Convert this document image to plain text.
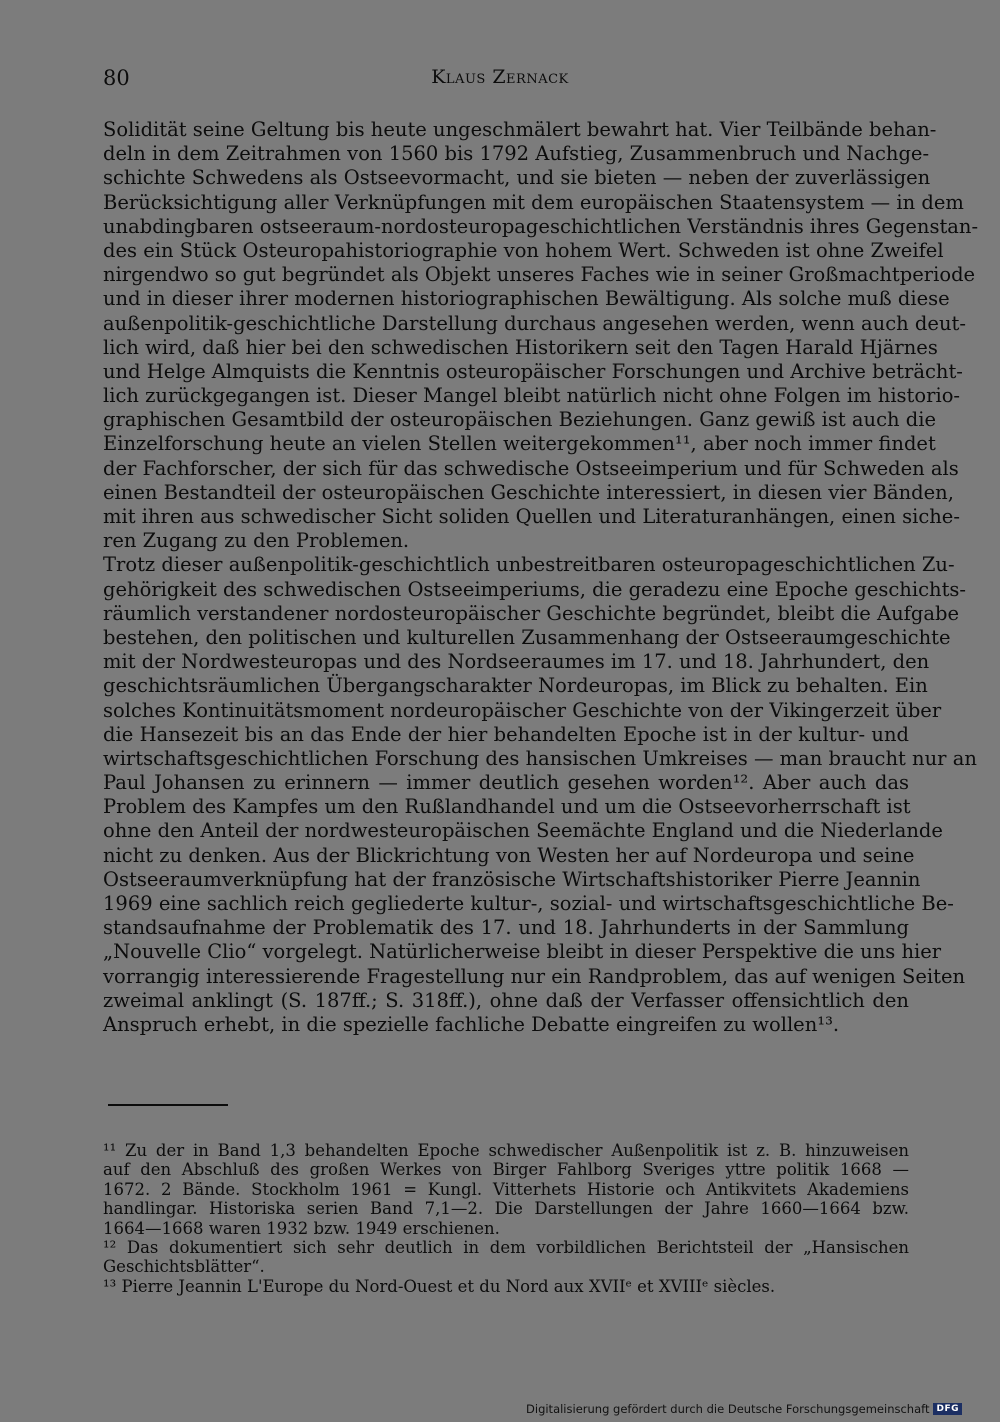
80	Klaus Zernack
Solidität seine Geltung bis heute ungeschmälert bewahrt hat. Vier Teilbände behan-
deln in dem Zeitrahmen von 1560 bis 1792 Aufstieg, Zusammenbruch und Nachge-
schichte Schwedens als Ostseevormacht, und sie bieten — neben der zuverlässigen
Berücksichtigung aller Verknüpfungen mit dem europäischen Staatensystem — in dem
unabdingbaren ostseeraum-nordosteuropageschichtlichen Verständnis ihres Gegenstan-
des ein Stück Osteuropahistoriographie von hohem Wert. Schweden ist ohne Zweifel
nirgendwo so gut begründet als Objekt unseres Faches wie in seiner Großmachtperiode
und in dieser ihrer modernen historiographischen Bewältigung. Als solche muß diese
außenpolitik-geschichtliche Darstellung durchaus angesehen werden, wenn auch deut-
lich wird, daß hier bei den schwedischen Historikern seit den Tagen Harald Hjärnes
und Helge Almquists die Kenntnis osteuropäischer Forschungen und Archive beträcht-
lich zurückgegangen ist. Dieser Mangel bleibt natürlich nicht ohne Folgen im historio-
graphischen Gesamtbild der osteuropäischen Beziehungen. Ganz gewiß ist auch die
Einzelforschung heute an vielen Stellen weitergekommen¹¹, aber noch immer findet
der Fachforscher, der sich für das schwedische Ostseeimperium und für Schweden als
einen Bestandteil der osteuropäischen Geschichte interessiert, in diesen vier Bänden,
mit ihren aus schwedischer Sicht soliden Quellen und Literaturanhängen, einen siche-
ren Zugang zu den Problemen.
Trotz dieser außenpolitik-geschichtlich unbestreitbaren osteuropageschichtlichen Zu-
gehörigkeit des schwedischen Ostseeimperiums, die geradezu eine Epoche geschichts-
räumlich verstandener nordosteuropäischer Geschichte begründet, bleibt die Aufgabe
bestehen, den politischen und kulturellen Zusammenhang der Ostseeraumgeschichte
mit der Nordwesteuropas und des Nordseeraumes im 17. und 18. Jahrhundert, den
geschichtsräumlichen Übergangscharakter Nordeuropas, im Blick zu behalten. Ein
solches Kontinuitätsmoment nordeuropäischer Geschichte von der Vikingerzeit über
die Hansezeit bis an das Ende der hier behandelten Epoche ist in der kultur- und
wirtschaftsgeschichtlichen Forschung des hansischen Umkreises — man braucht nur an
Paul Johansen zu erinnern — immer deutlich gesehen worden¹². Aber auch das
Problem des Kampfes um den Rußlandhandel und um die Ostseevorherrschaft ist
ohne den Anteil der nordwesteuropäischen Seemächte England und die Niederlande
nicht zu denken. Aus der Blickrichtung von Westen her auf Nordeuropa und seine
Ostseeraumverknüpfung hat der französische Wirtschaftshistoriker Pierre Jeannin
1969 eine sachlich reich gegliederte kultur-, sozial- und wirtschaftsgeschichtliche Be-
standsaufnahme der Problematik des 17. und 18. Jahrhunderts in der Sammlung
„Nouvelle Clio“ vorgelegt. Natürlicherweise bleibt in dieser Perspektive die uns hier
vorrangig interessierende Fragestellung nur ein Randproblem, das auf wenigen Seiten
zweimal anklingt (S. 187ff.; S. 318ff.), ohne daß der Verfasser offensichtlich den
Anspruch erhebt, in die spezielle fachliche Debatte eingreifen zu wollen¹³.
¹¹ Zu der in Band 1,3 behandelten Epoche schwedischer Außenpolitik ist z. B. hinzuweisen
auf den Abschluß des großen Werkes von Birger Fahlborg Sveriges yttre politik 1668 —
1672. 2 Bände. Stockholm 1961 = Kungl. Vitterhets Historie och Antikvitets Akademiens
handlingar. Historiska serien Band 7,1—2. Die Darstellungen der Jahre 1660—1664 bzw.
1664—1668 waren 1932 bzw. 1949 erschienen.
¹² Das dokumentiert sich sehr deutlich in dem vorbildlichen Berichtsteil der „Hansischen
Geschichtsblätter“.
¹³ Pierre Jeannin L'Europe du Nord-Ouest et du Nord aux XVIIᵉ et XVIIIᵉ siècles.
Digitalisierung gefördert durch die Deutsche Forschungsgemeinschaft DFG
